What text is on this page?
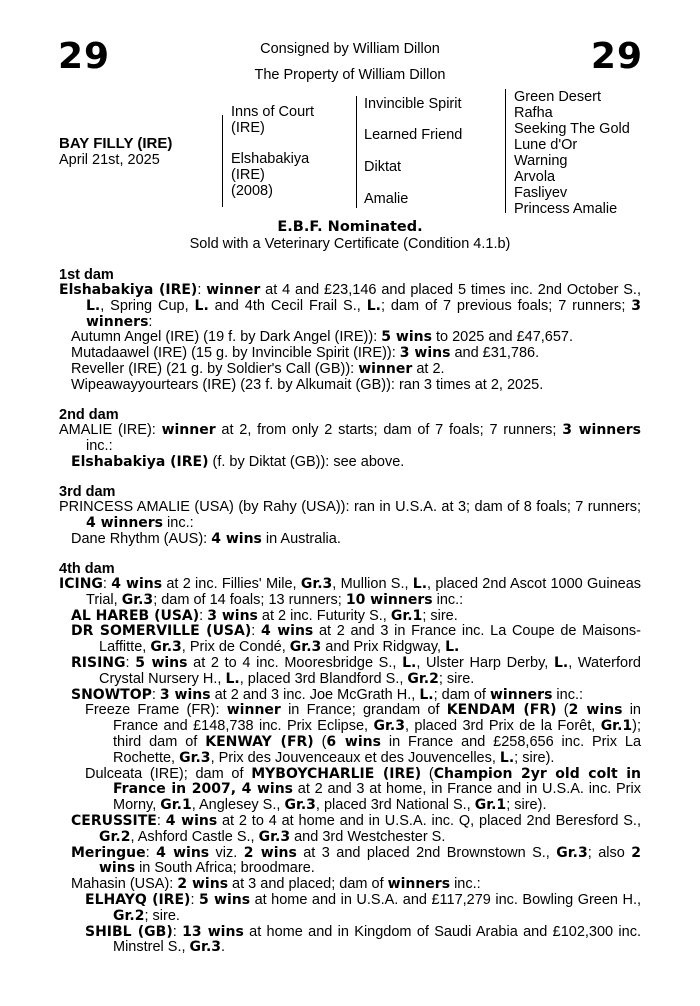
29	29
Consigned by William Dillon
The Property of William Dillon
BAY FILLY (IRE)
April 21st, 2025
Inns of Court
(IRE)
Elshabakiya
(IRE)
(2008)
Invincible Spirit
Learned Friend
Diktat
Amalie
Green Desert
Rafha
Seeking The Gold
Lune d'Or
Warning
Arvola
Fasliyev
Princess Amalie
E.B.F. Nominated.
Sold with a Veterinary Certificate (Condition 4.1.b)
1st dam
Elshabakiya (IRE): winner at 4 and £23,146 and placed 5 times inc. 2nd October S., L., Spring Cup, L. and 4th Cecil Frail S., L.; dam of 7 previous foals; 7 runners; 3 winners:
Autumn Angel (IRE) (19 f. by Dark Angel (IRE)): 5 wins to 2025 and £47,657.
Mutadaawel (IRE) (15 g. by Invincible Spirit (IRE)): 3 wins and £31,786.
Reveller (IRE) (21 g. by Soldier's Call (GB)): winner at 2.
Wipeawayyourtears (IRE) (23 f. by Alkumait (GB)): ran 3 times at 2, 2025.
2nd dam
AMALIE (IRE): winner at 2, from only 2 starts; dam of 7 foals; 7 runners; 3 winners inc.:
Elshabakiya (IRE) (f. by Diktat (GB)): see above.
3rd dam
PRINCESS AMALIE (USA) (by Rahy (USA)): ran in U.S.A. at 3; dam of 8 foals; 7 runners; 4 winners inc.:
Dane Rhythm (AUS): 4 wins in Australia.
4th dam
ICING: 4 wins at 2 inc. Fillies' Mile, Gr.3, Mullion S., L., placed 2nd Ascot 1000 Guineas Trial, Gr.3; dam of 14 foals; 13 runners; 10 winners inc.:
AL HAREB (USA): 3 wins at 2 inc. Futurity S., Gr.1; sire.
DR SOMERVILLE (USA): 4 wins at 2 and 3 in France inc. La Coupe de Maisons-Laffitte, Gr.3, Prix de Condé, Gr.3 and Prix Ridgway, L.
RISING: 5 wins at 2 to 4 inc. Mooresbridge S., L., Ulster Harp Derby, L., Waterford Crystal Nursery H., L., placed 3rd Blandford S., Gr.2; sire.
SNOWTOP: 3 wins at 2 and 3 inc. Joe McGrath H., L.; dam of winners inc.:
Freeze Frame (FR): winner in France; grandam of KENDAM (FR) (2 wins in France and £148,738 inc. Prix Eclipse, Gr.3, placed 3rd Prix de la Forêt, Gr.1); third dam of KENWAY (FR) (6 wins in France and £258,656 inc. Prix La Rochette, Gr.3, Prix des Jouvenceaux et des Jouvencelles, L.; sire).
Dulceata (IRE); dam of MYBOYCHARLIE (IRE) (Champion 2yr old colt in France in 2007, 4 wins at 2 and 3 at home, in France and in U.S.A. inc. Prix Morny, Gr.1, Anglesey S., Gr.3, placed 3rd National S., Gr.1; sire).
CERUSSITE: 4 wins at 2 to 4 at home and in U.S.A. inc. Q, placed 2nd Beresford S., Gr.2, Ashford Castle S., Gr.3 and 3rd Westchester S.
Meringue: 4 wins viz. 2 wins at 3 and placed 2nd Brownstown S., Gr.3; also 2 wins in South Africa; broodmare.
Mahasin (USA): 2 wins at 3 and placed; dam of winners inc.:
ELHAYQ (IRE): 5 wins at home and in U.S.A. and £117,279 inc. Bowling Green H., Gr.2; sire.
SHIBL (GB): 13 wins at home and in Kingdom of Saudi Arabia and £102,300 inc. Minstrel S., Gr.3.
